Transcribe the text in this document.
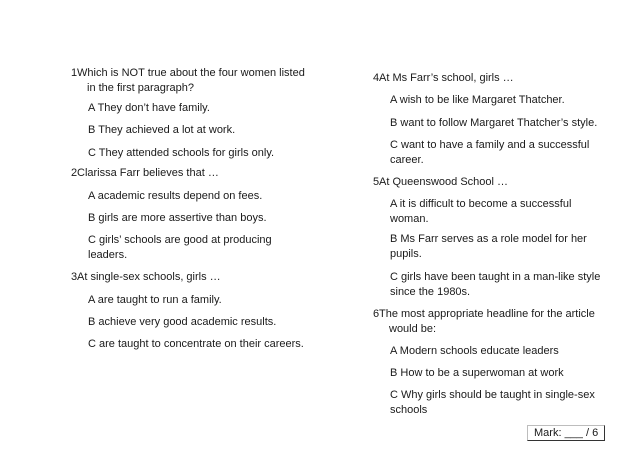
1Which is NOT true about the four women listed in the first paragraph?
A They don’t have family.
B They achieved a lot at work.
C They attended schools for girls only.
2Clarissa Farr believes that …
A academic results depend on fees.
B girls are more assertive than boys.
C girls’ schools are good at producing leaders.
3At single-sex schools, girls …
A are taught to run a family.
B achieve very good academic results.
C are taught to concentrate on their careers.
4At Ms Farr’s school, girls …
A wish to be like Margaret Thatcher.
B want to follow Margaret Thatcher’s style.
C want to have a family and a successful career.
5At Queenswood School …
A it is difficult to become a successful woman.
B Ms Farr serves as a role model for her pupils.
C girls have been taught in a man-like style since the 1980s.
6The most appropriate headline for the article would be:
A Modern schools educate leaders
B How to be a superwoman at work
C Why girls should be taught in single-sex schools
Mark: ___ / 6
